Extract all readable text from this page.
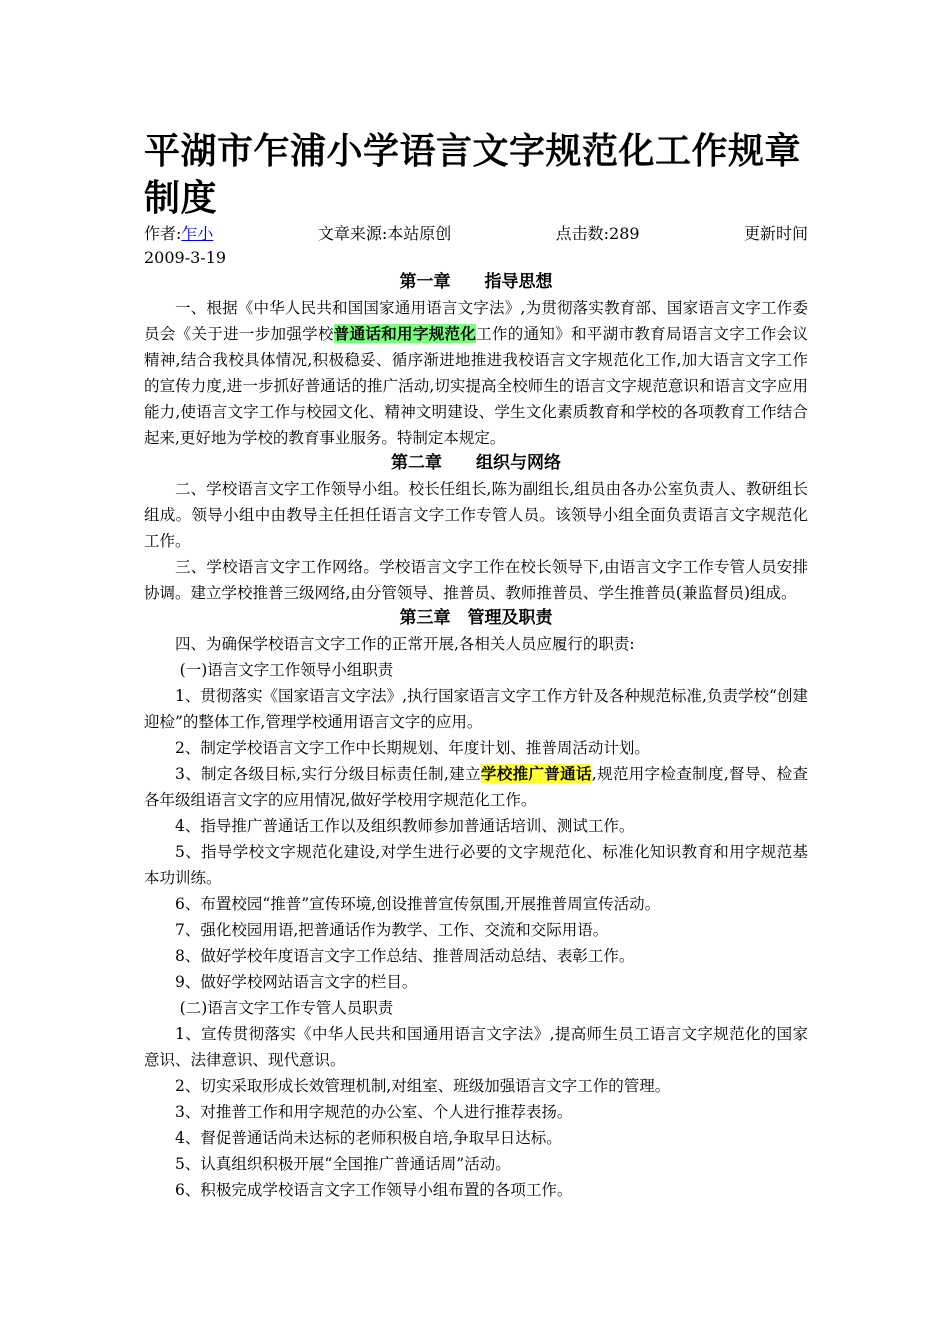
平湖市乍浦小学语言文字规范化工作规章制度
作者:乍小	文章来源:本站原创	点击数:289	更新时间
2009-3-19
第一章　　指导思想

一、根据《中华人民共和国国家通用语言文字法》,为贯彻落实教育部、国家语言文字工作委员会《关于进一步加强学校普通话和用字规范化工作的通知》和平湖市教育局语言文字工作会议精神,结合我校具体情况,积极稳妥、循序渐进地推进我校语言文字规范化工作,加大语言文字工作的宣传力度,进一步抓好普通话的推广活动,切实提高全校师生的语言文字规范意识和语言文字应用能力,使语言文字工作与校园文化、精神文明建设、学生文化素质教育和学校的各项教育工作结合起来,更好地为学校的教育事业服务。特制定本规定。

第二章　　组织与网络

二、学校语言文字工作领导小组。校长任组长,陈为副组长,组员由各办公室负责人、教研组长组成。领导小组中由教导主任担任语言文字工作专管人员。该领导小组全面负责语言文字规范化工作。

三、学校语言文字工作网络。学校语言文字工作在校长领导下,由语言文字工作专管人员安排协调。建立学校推普三级网络,由分管领导、推普员、教师推普员、学生推普员(兼监督员)组成。

第三章　管理及职责

四、为确保学校语言文字工作的正常开展,各相关人员应履行的职责:

(一)语言文字工作领导小组职责

1、贯彻落实《国家语言文字法》,执行国家语言文字工作方针及各种规范标准,负责学校“创建迎检”的整体工作,管理学校通用语言文字的应用。

2、制定学校语言文字工作中长期规划、年度计划、推普周活动计划。

3、制定各级目标,实行分级目标责任制,建立学校推广普通话,规范用字检查制度,督导、检查各年级组语言文字的应用情况,做好学校用字规范化工作。

4、指导推广普通话工作以及组织教师参加普通话培训、测试工作。

5、指导学校文字规范化建设,对学生进行必要的文字规范化、标准化知识教育和用字规范基本功训练。

6、布置校园“推普”宣传环境,创设推普宣传氛围,开展推普周宣传活动。

7、强化校园用语,把普通话作为教学、工作、交流和交际用语。

8、做好学校年度语言文字工作总结、推普周活动总结、表彰工作。

9、做好学校网站语言文字的栏目。

(二)语言文字工作专管人员职责

1、宣传贯彻落实《中华人民共和国通用语言文字法》,提高师生员工语言文字规范化的国家意识、法律意识、现代意识。

2、切实采取形成长效管理机制,对组室、班级加强语言文字工作的管理。

3、对推普工作和用字规范的办公室、个人进行推荐表扬。

4、督促普通话尚未达标的老师积极自培,争取早日达标。

5、认真组织积极开展“全国推广普通话周”活动。

6、积极完成学校语言文字工作领导小组布置的各项工作。
